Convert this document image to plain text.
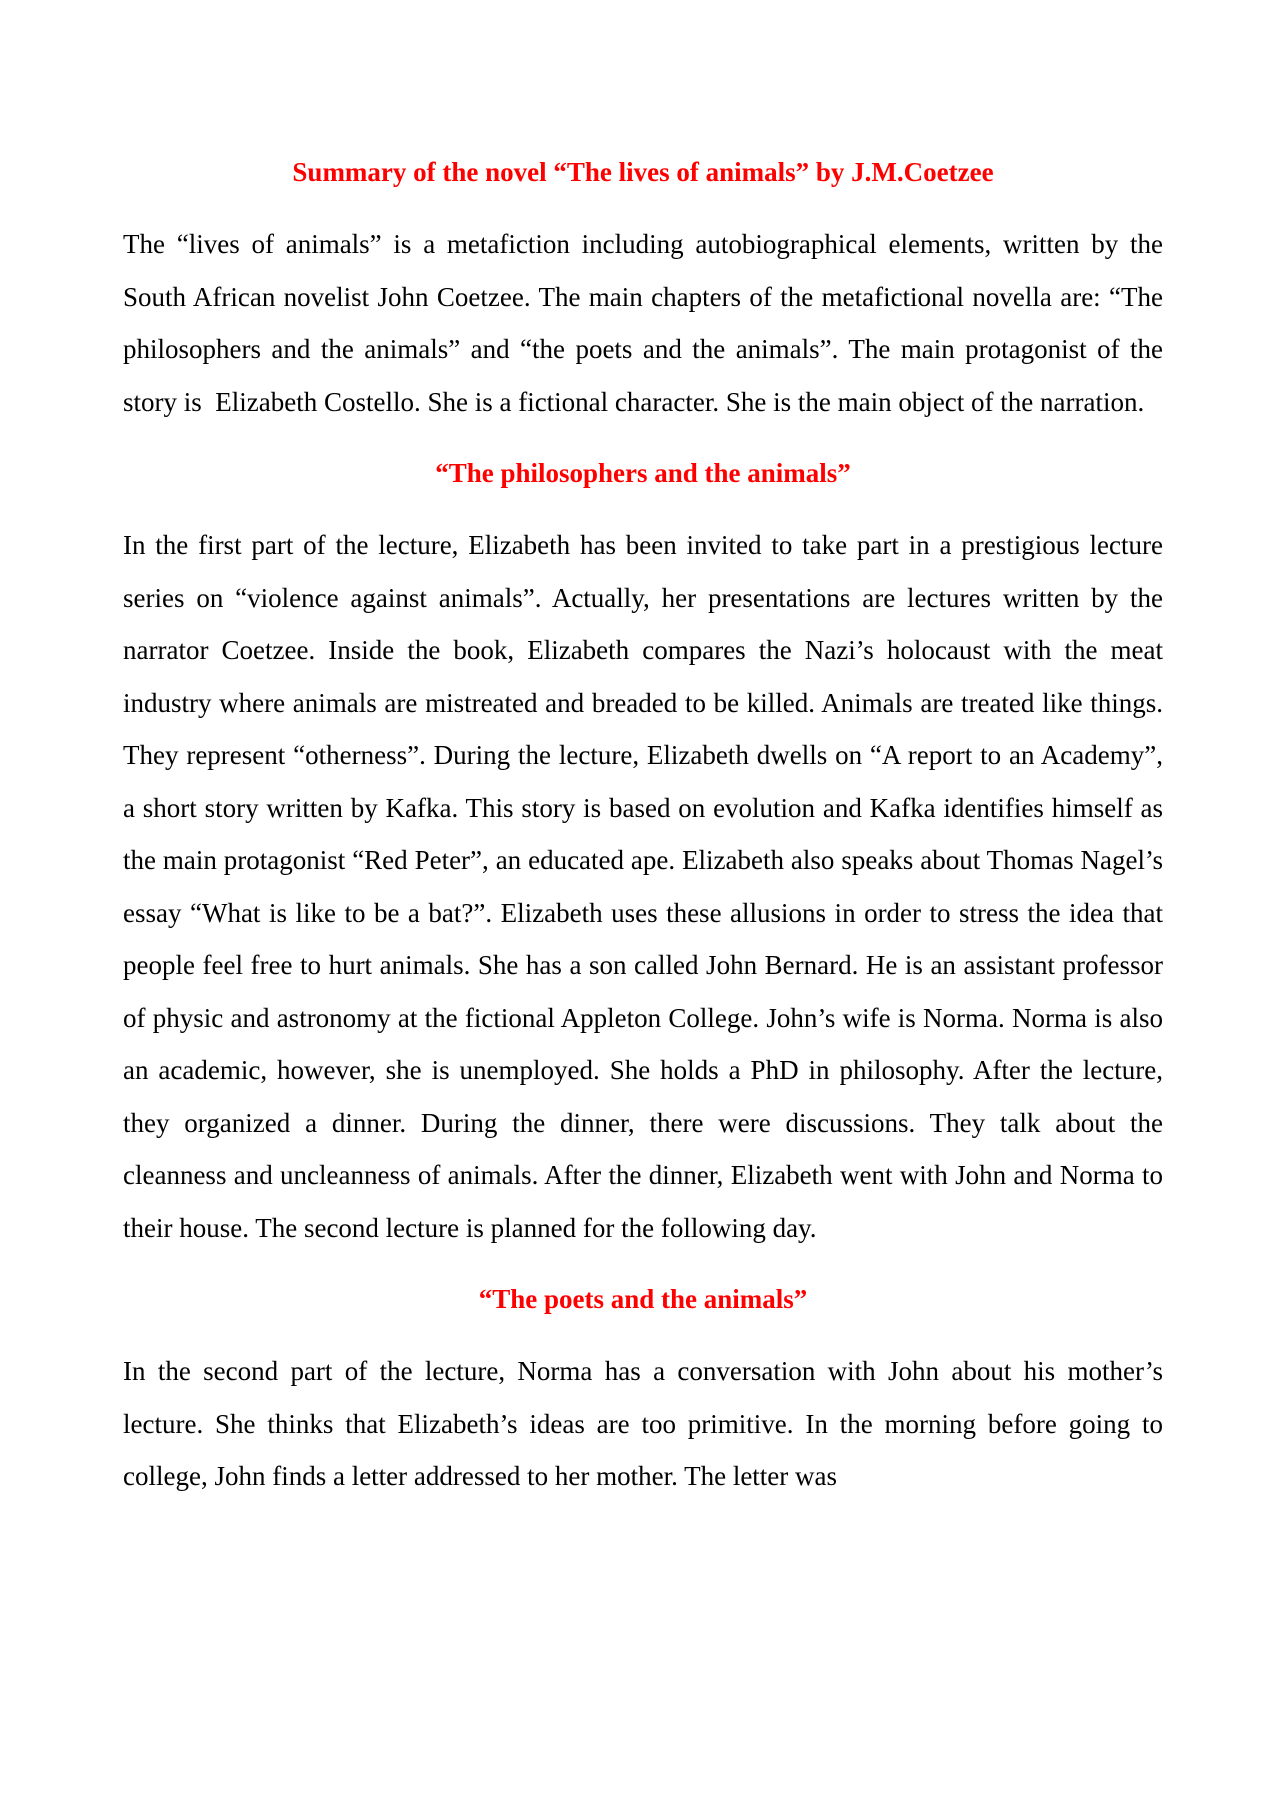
Summary of the novel “The lives of animals” by J.M.Coetzee

The “lives of animals” is a metafiction including autobiographical elements, written by the South African novelist John Coetzee. The main chapters of the metafictional novella are: “The philosophers and the animals” and “the poets and the animals”. The main protagonist of the story is  Elizabeth Costello. She is a fictional character. She is the main object of the narration.

“The philosophers and the animals”

In the first part of the lecture, Elizabeth has been invited to take part in a prestigious lecture series on “violence against animals”. Actually, her presentations are lectures written by the narrator Coetzee. Inside the book, Elizabeth compares the Nazi’s holocaust with the meat industry where animals are mistreated and breaded to be killed. Animals are treated like things. They represent “otherness”. During the lecture, Elizabeth dwells on “A report to an Academy”, a short story written by Kafka. This story is based on evolution and Kafka identifies himself as the main protagonist “Red Peter”, an educated ape. Elizabeth also speaks about Thomas Nagel’s essay “What is like to be a bat?”. Elizabeth uses these allusions in order to stress the idea that people feel free to hurt animals. She has a son called John Bernard. He is an assistant professor of physic and astronomy at the fictional Appleton College. John’s wife is Norma. Norma is also an academic, however, she is unemployed. She holds a PhD in philosophy. After the lecture, they organized a dinner. During the dinner, there were discussions. They talk about the cleanness and uncleanness of animals. After the dinner, Elizabeth went with John and Norma to their house. The second lecture is planned for the following day.

“The poets and the animals”

In the second part of the lecture, Norma has a conversation with John about his mother’s lecture. She thinks that Elizabeth’s ideas are too primitive. In the morning before going to college, John finds a letter addressed to her mother. The letter was
